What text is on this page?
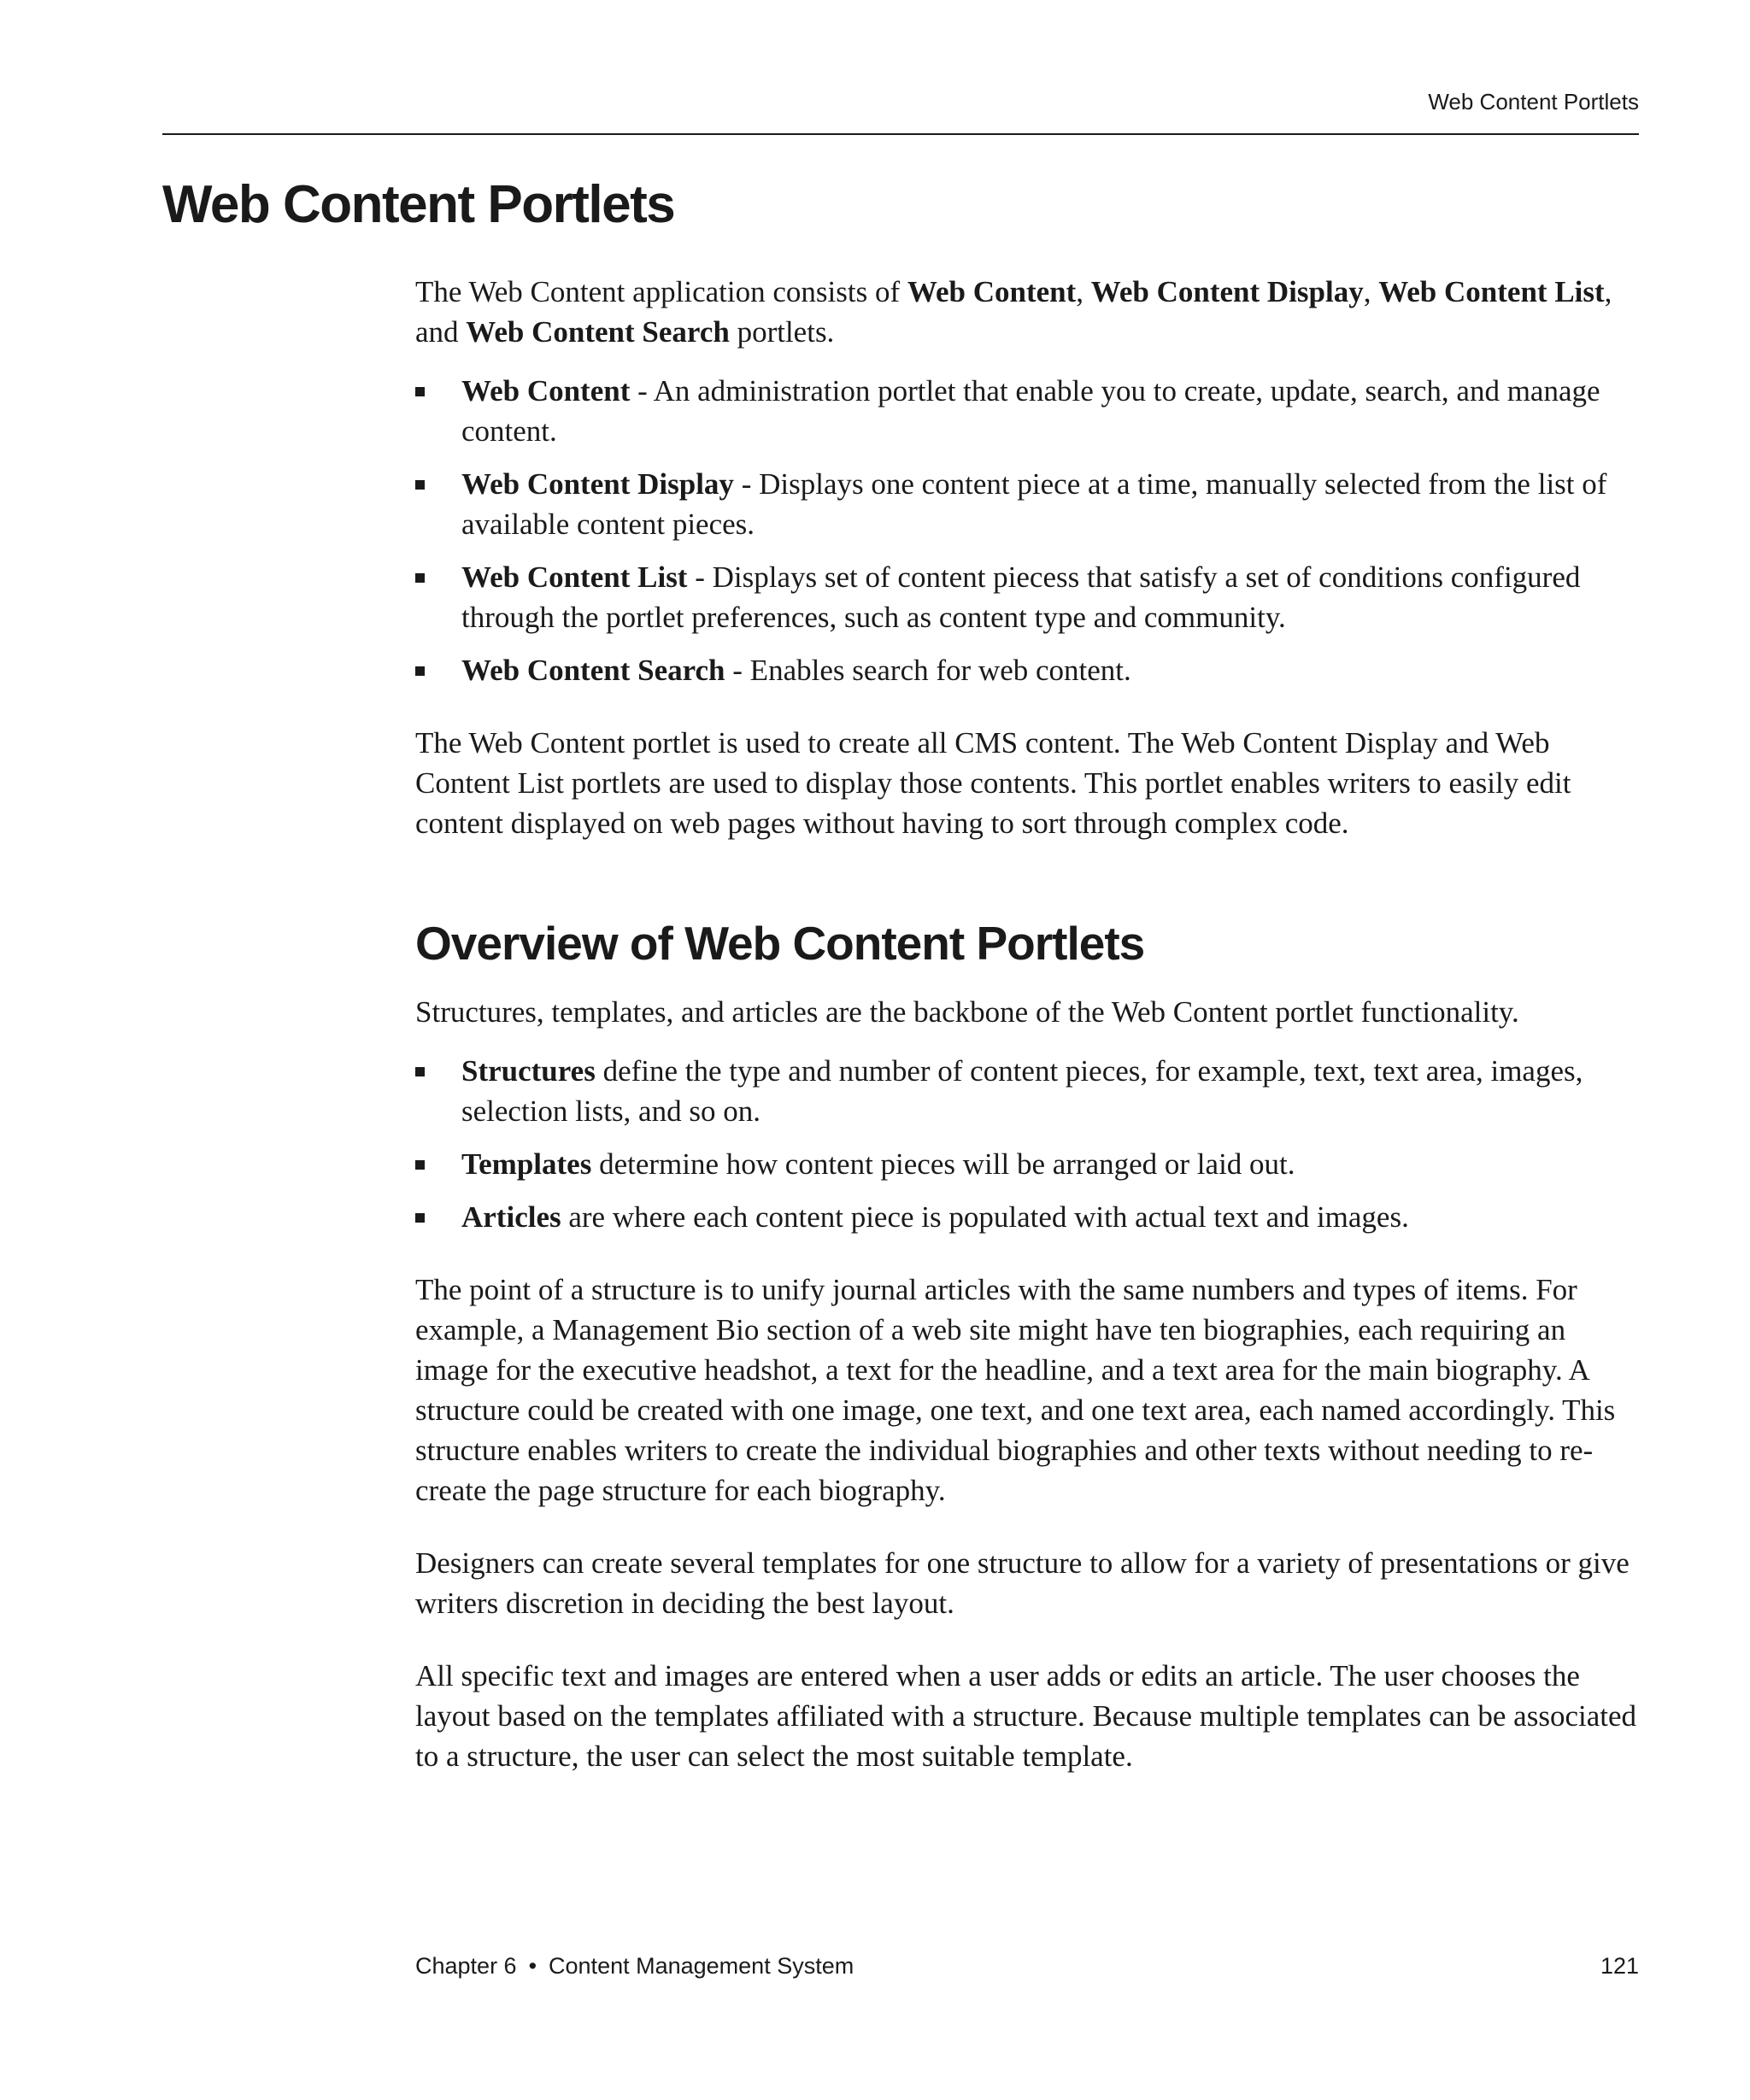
Web Content Portlets
Web Content Portlets

The Web Content application consists of Web Content, Web Content Display, Web Content List, and Web Content Search portlets.

Web Content - An administration portlet that enable you to create, update, search, and manage content.
Web Content Display - Displays one content piece at a time, manually selected from the list of available content pieces.
Web Content List - Displays set of content piecess that satisfy a set of conditions configured through the portlet preferences, such as content type and community.
Web Content Search - Enables search for web content.

The Web Content portlet is used to create all CMS content. The Web Content Display and Web Content List portlets are used to display those contents. This portlet enables writers to easily edit content displayed on web pages without having to sort through complex code.

Overview of Web Content Portlets

Structures, templates, and articles are the backbone of the Web Content portlet functionality.

Structures define the type and number of content pieces, for example, text, text area, images, selection lists, and so on.
Templates determine how content pieces will be arranged or laid out.
Articles are where each content piece is populated with actual text and images.

The point of a structure is to unify journal articles with the same numbers and types of items. For example, a Management Bio section of a web site might have ten biographies, each requiring an image for the executive headshot, a text for the headline, and a text area for the main biography. A structure could be created with one image, one text, and one text area, each named accordingly. This structure enables writers to create the individual biographies and other texts without needing to re-create the page structure for each biography.

Designers can create several templates for one structure to allow for a variety of presentations or give writers discretion in deciding the best layout.

All specific text and images are entered when a user adds or edits an article. The user chooses the layout based on the templates affiliated with a structure. Because multiple templates can be associated to a structure, the user can select the most suitable template.

Chapter 6 • Content Management System	121
